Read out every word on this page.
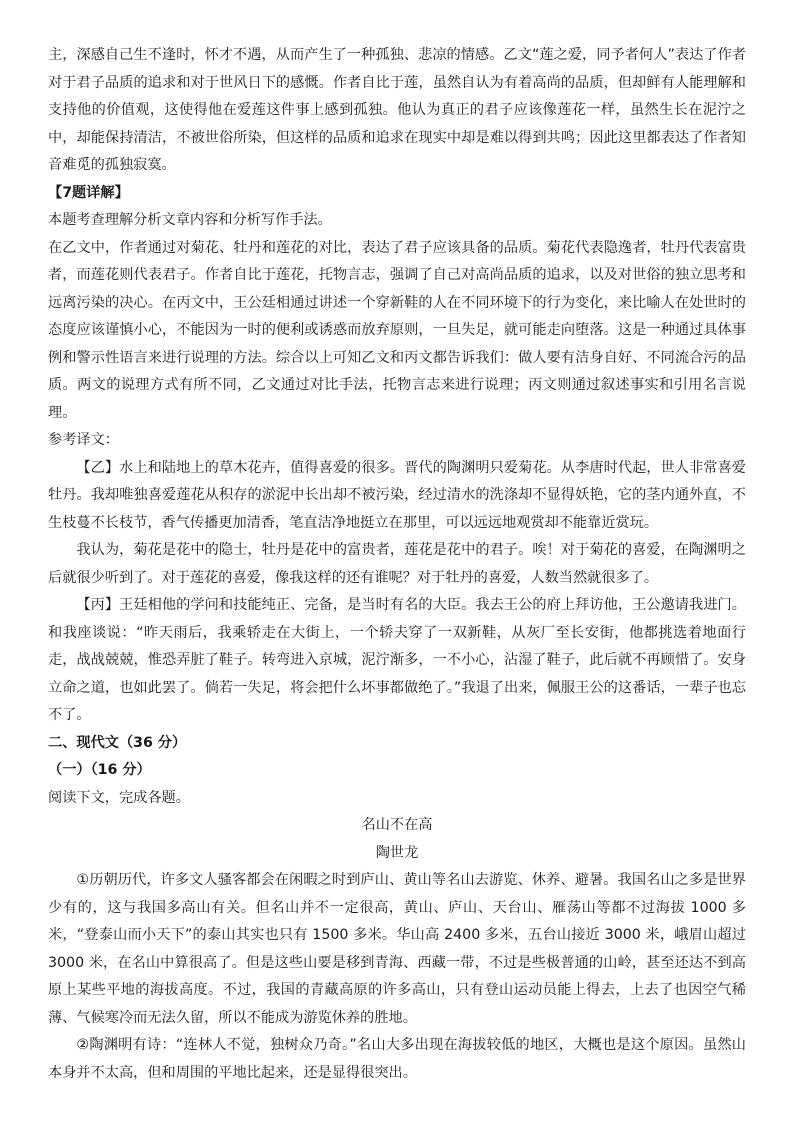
主，深感自己生不逢时，怀才不遇，从而产生了一种孤独、悲凉的情感。乙文“莲之爱，同予者何人”表达了作者对于君子品质的追求和对于世风日下的感慨。作者自比于莲，虽然自认为有着高尚的品质，但却鲜有人能理解和支持他的价值观，这使得他在爱莲这件事上感到孤独。他认为真正的君子应该像莲花一样，虽然生长在泥泞之中，却能保持清洁，不被世俗所染，但这样的品质和追求在现实中却是难以得到共鸣；因此这里都表达了作者知音难觅的孤独寂寞。

【7题详解】

本题考查理解分析文章内容和分析写作手法。

在乙文中，作者通过对菊花、牡丹和莲花的对比，表达了君子应该具备的品质。菊花代表隐逸者，牡丹代表富贵者，而莲花则代表君子。作者自比于莲花，托物言志，强调了自己对高尚品质的追求，以及对世俗的独立思考和远离污染的决心。在丙文中，王公廷相通过讲述一个穿新鞋的人在不同环境下的行为变化，来比喻人在处世时的态度应该谨慎小心，不能因为一时的便利或诱惑而放弃原则，一旦失足，就可能走向堕落。这是一种通过具体事例和警示性语言来进行说理的方法。综合以上可知乙文和丙文都告诉我们：做人要有洁身自好、不同流合污的品质。两文的说理方式有所不同，乙文通过对比手法，托物言志来进行说理；丙文则通过叙述事实和引用名言说理。

参考译文：

【乙】水上和陆地上的草木花卉，值得喜爱的很多。晋代的陶渊明只爱菊花。从李唐时代起，世人非常喜爱牡丹。我却唯独喜爱莲花从积存的淤泥中长出却不被污染，经过清水的洗涤却不显得妖艳，它的茎内通外直，不生枝蔓不长枝节，香气传播更加清香，笔直洁净地挺立在那里，可以远远地观赏却不能靠近赏玩。

我认为，菊花是花中的隐士，牡丹是花中的富贵者，莲花是花中的君子。唉！对于菊花的喜爱，在陶渊明之后就很少听到了。对于莲花的喜爱，像我这样的还有谁呢？对于牡丹的喜爱，人数当然就很多了。

【丙】王廷相他的学问和技能纯正、完备，是当时有名的大臣。我去王公的府上拜访他，王公邀请我进门。和我座谈说：“昨天雨后，我乘轿走在大街上，一个轿夫穿了一双新鞋，从灰厂至长安街，他都挑选着地面行走，战战兢兢，惟恐弄脏了鞋子。转弯进入京城，泥泞渐多，一不小心，沾湿了鞋子，此后就不再顾惜了。安身立命之道，也如此罢了。倘若一失足，将会把什么坏事都做绝了。”我退了出来，佩服王公的这番话，一辈子也忘不了。

二、现代文（36 分）

（一）（16 分）

阅读下文，完成各题。

名山不在高

陶世龙

①历朝历代，许多文人骚客都会在闲暇之时到庐山、黄山等名山去游览、休养、避暑。我国名山之多是世界少有的，这与我国多高山有关。但名山并不一定很高，黄山、庐山、天台山、雁荡山等都不过海拔 1000 多米，“登泰山而小天下”的泰山其实也只有 1500 多米。华山高 2400 多米，五台山接近 3000 米，峨眉山超过 3000 米，在名山中算很高了。但是这些山要是移到青海、西藏一带，不过是些极普通的山岭，甚至还达不到高原上某些平地的海拔高度。不过，我国的青藏高原的许多高山，只有登山运动员能上得去，上去了也因空气稀薄、气候寒冷而无法久留，所以不能成为游览休养的胜地。

②陶渊明有诗：“连林人不觉，独树众乃奇。”名山大多出现在海拔较低的地区，大概也是这个原因。虽然山本身并不太高，但和周围的平地比起来，还是显得很突出。
